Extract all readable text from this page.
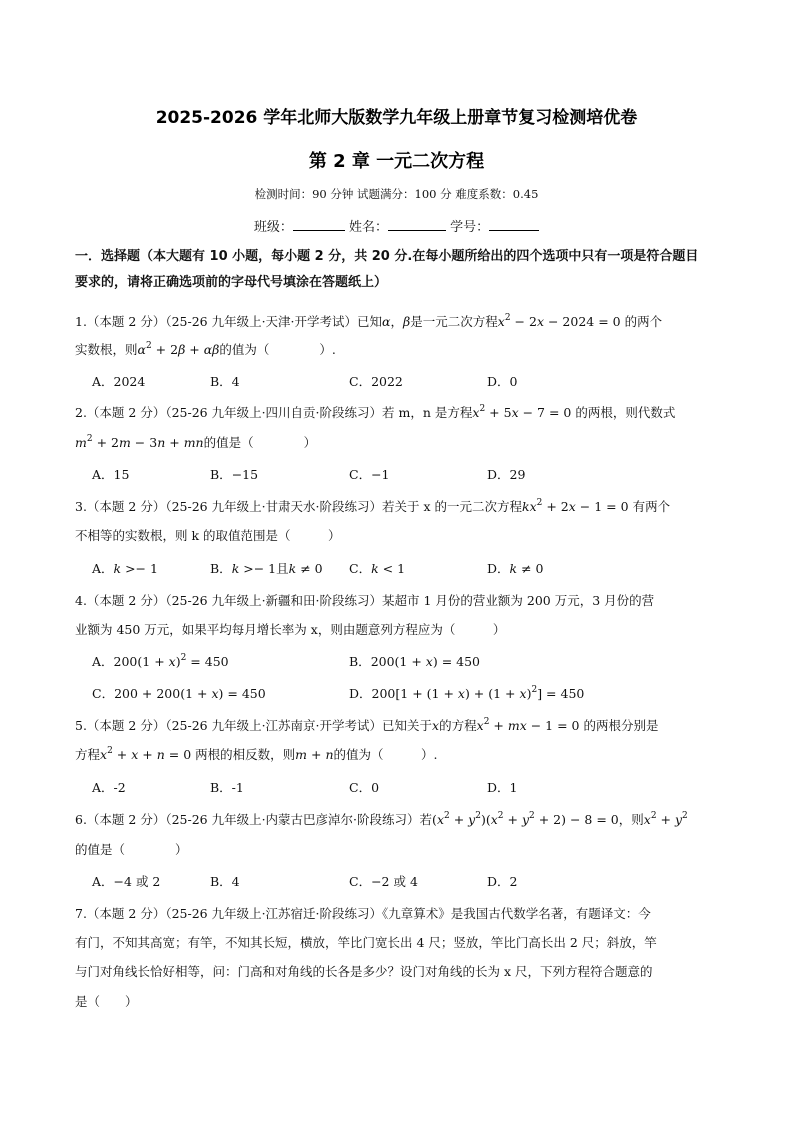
2025-2026 学年北师大版数学九年级上册章节复习检测培优卷
第 2 章 一元二次方程
检测时间：90 分钟 试题满分：100 分 难度系数：0.45
班级：	姓名：	学号：
一．选择题（本大题有 10 小题，每小题 2 分，共 20 分.在每小题所给出的四个选项中只有一项是符合题目
要求的，请将正确选项前的字母代号填涂在答题纸上）
1.（本题 2 分）（25-26 九年级上·天津·开学考试）已知α，β是一元二次方程$x^2 - 2x - 2024 = 0$ 的两个
实数根，则$\alpha^2 + 2\beta + \alpha\beta$的值为（　　　　）.
A．2024	B．4	C．2022	D．0
2.（本题 2 分）（25-26 九年级上·四川自贡·阶段练习）若 m，n 是方程$x^2 + 5x - 7 = 0$ 的两根，则代数式
$m^2 + 2m - 3n$ + mn的值是（　　　　）
A．15	B．−15	C．−1	D．29
3.（本题 2 分）（25-26 九年级上·甘肃天水·阶段练习）若关于 x 的一元二次方程$kx^2 + 2x - 1 = 0$ 有两个
不相等的实数根，则 k 的取值范围是（　　　）
A．k >− 1	B．k >− 1且k ≠ 0 C．k < 1	D．k ≠ 0
4.（本题 2 分）（25-26 九年级上·新疆和田·阶段练习）某超市 1 月份的营业额为 200 万元，3 月份的营
业额为 450 万元，如果平均每月增长率为 x，则由题意列方程应为（　　　）
A．$200(1 + x)^2 = 450$	B．200(1 + x) = 450
C．200 + 200(1 + x) = 450	D．$200[1 + (1 + x) + (1 + x)^2] = 450$
5.（本题 2 分）（25-26 九年级上·江苏南京·开学考试）已知关于x的方程$x^2$ + mx − 1 = 0 的两根分别是
方程$x^2 + x + n = 0$ 两根的相反数，则m + n的值为（　　　）.
A．-2	B．-1	C．0	D．1
6.（本题 2 分）（25-26 九年级上·内蒙古巴彦淖尔·阶段练习）若$(x^2 + y^2)(x^2 + y^2 + 2) - 8 = 0$，则$x^2 + y^2$
的值是（　　　　）
A．−4 或 2	B．4	C．−2 或 4	D．2
7.（本题 2 分）（25-26 九年级上·江苏宿迁·阶段练习）《九章算术》是我国古代数学名著，有题译文：今
有门，不知其高宽；有竿，不知其长短，横放，竿比门宽长出 4 尺；竖放，竿比门高长出 2 尺；斜放，竿
与门对角线长恰好相等，问：门高和对角线的长各是多少？设门对角线的长为 x 尺，下列方程符合题意的
是（　　）
